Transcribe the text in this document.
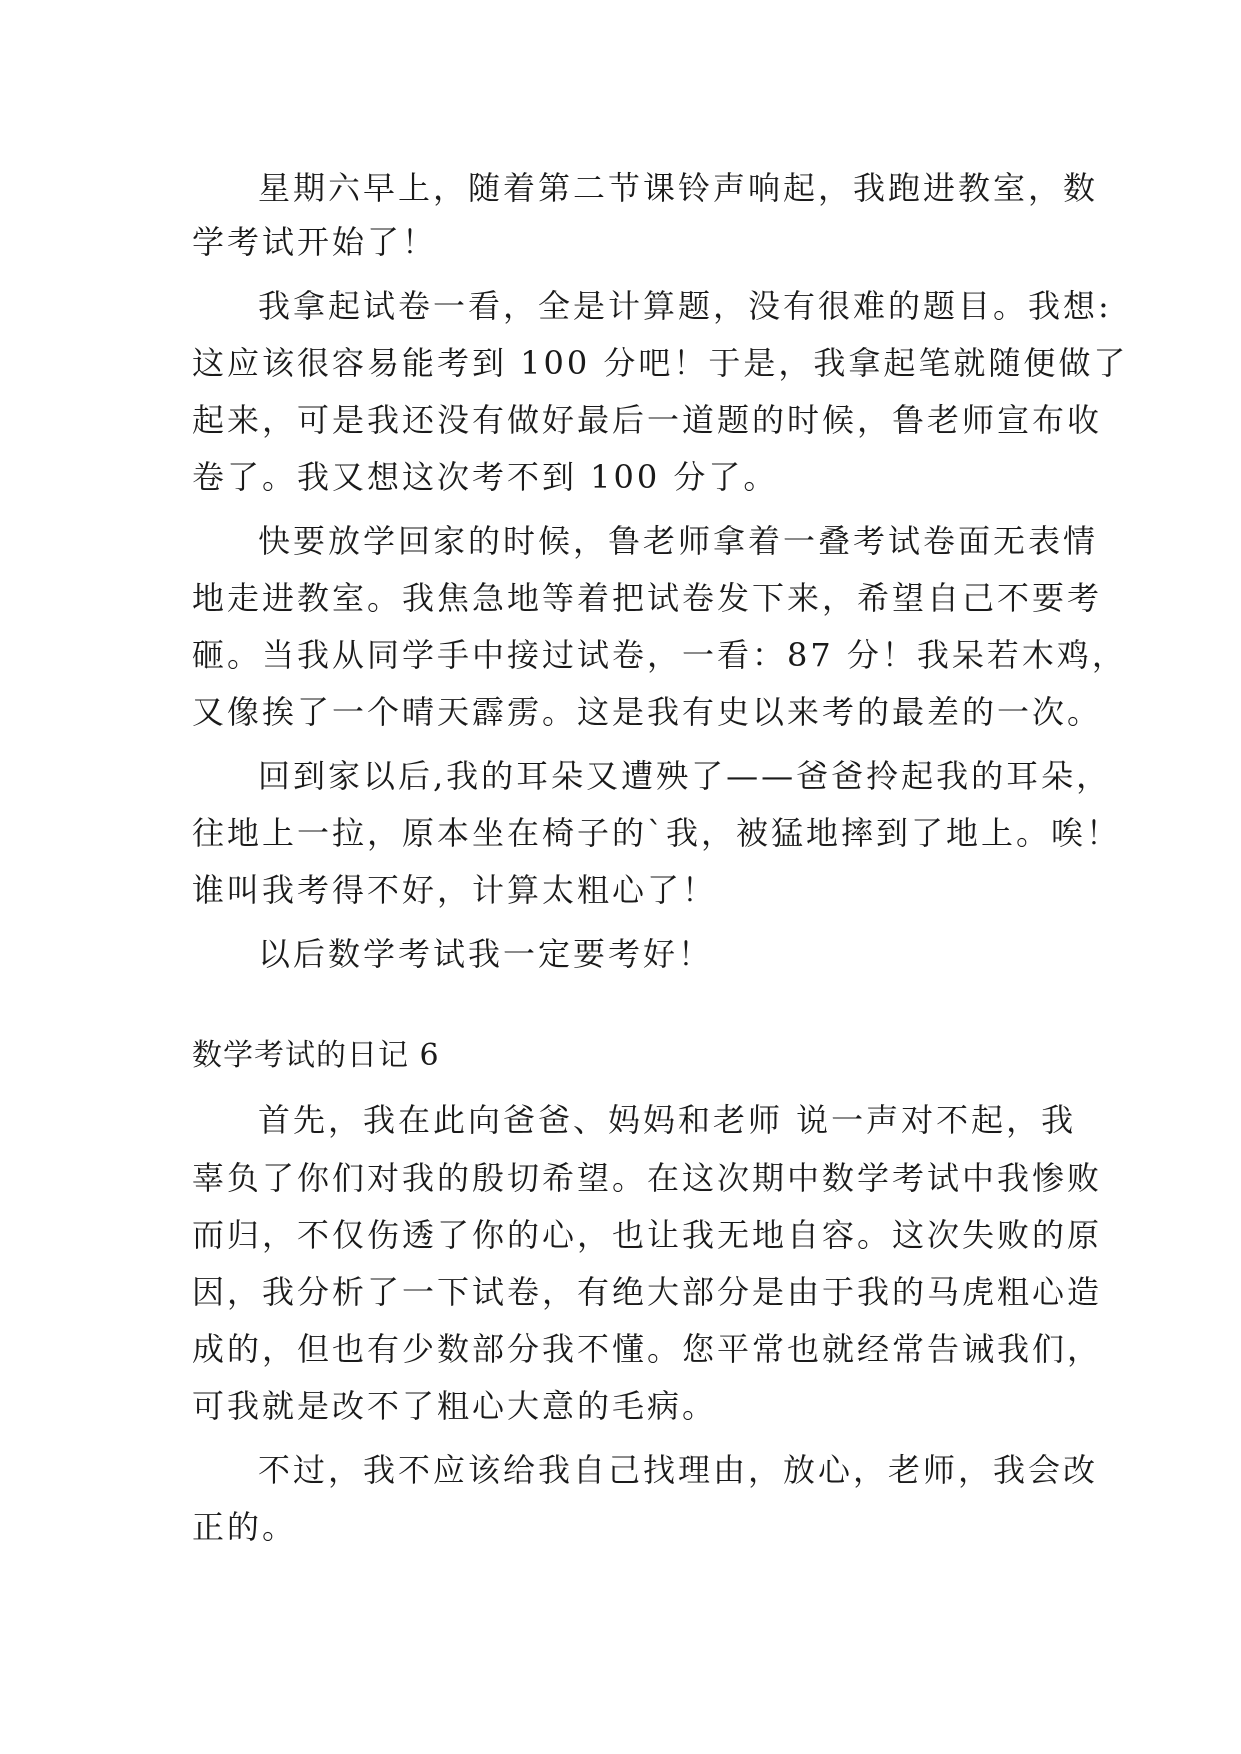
星期六早上，随着第二节课铃声响起，我跑进教室，数
学考试开始了！
我拿起试卷一看，全是计算题，没有很难的题目。我想:
这应该很容易能考到 100 分吧！于是，我拿起笔就随便做了
起来，可是我还没有做好最后一道题的时候，鲁老师宣布收
卷了。我又想这次考不到 100 分了。
快要放学回家的时候，鲁老师拿着一叠考试卷面无表情
地走进教室。我焦急地等着把试卷发下来，希望自己不要考
砸。当我从同学手中接过试卷，一看：87 分！我呆若木鸡，
又像挨了一个晴天霹雳。这是我有史以来考的最差的一次。
回到家以后,我的耳朵又遭殃了——爸爸拎起我的耳朵，
往地上一拉，原本坐在椅子的`我，被猛地摔到了地上。唉！
谁叫我考得不好，计算太粗心了！
以后数学考试我一定要考好！
数学考试的日记 6
首先，我在此向爸爸、妈妈和老师 说一声对不起，我
辜负了你们对我的殷切希望。在这次期中数学考试中我惨败
而归，不仅伤透了你的心，也让我无地自容。这次失败的原
因，我分析了一下试卷，有绝大部分是由于我的马虎粗心造
成的，但也有少数部分我不懂。您平常也就经常告诫我们，
可我就是改不了粗心大意的毛病。
不过，我不应该给我自己找理由，放心，老师，我会改
正的。
